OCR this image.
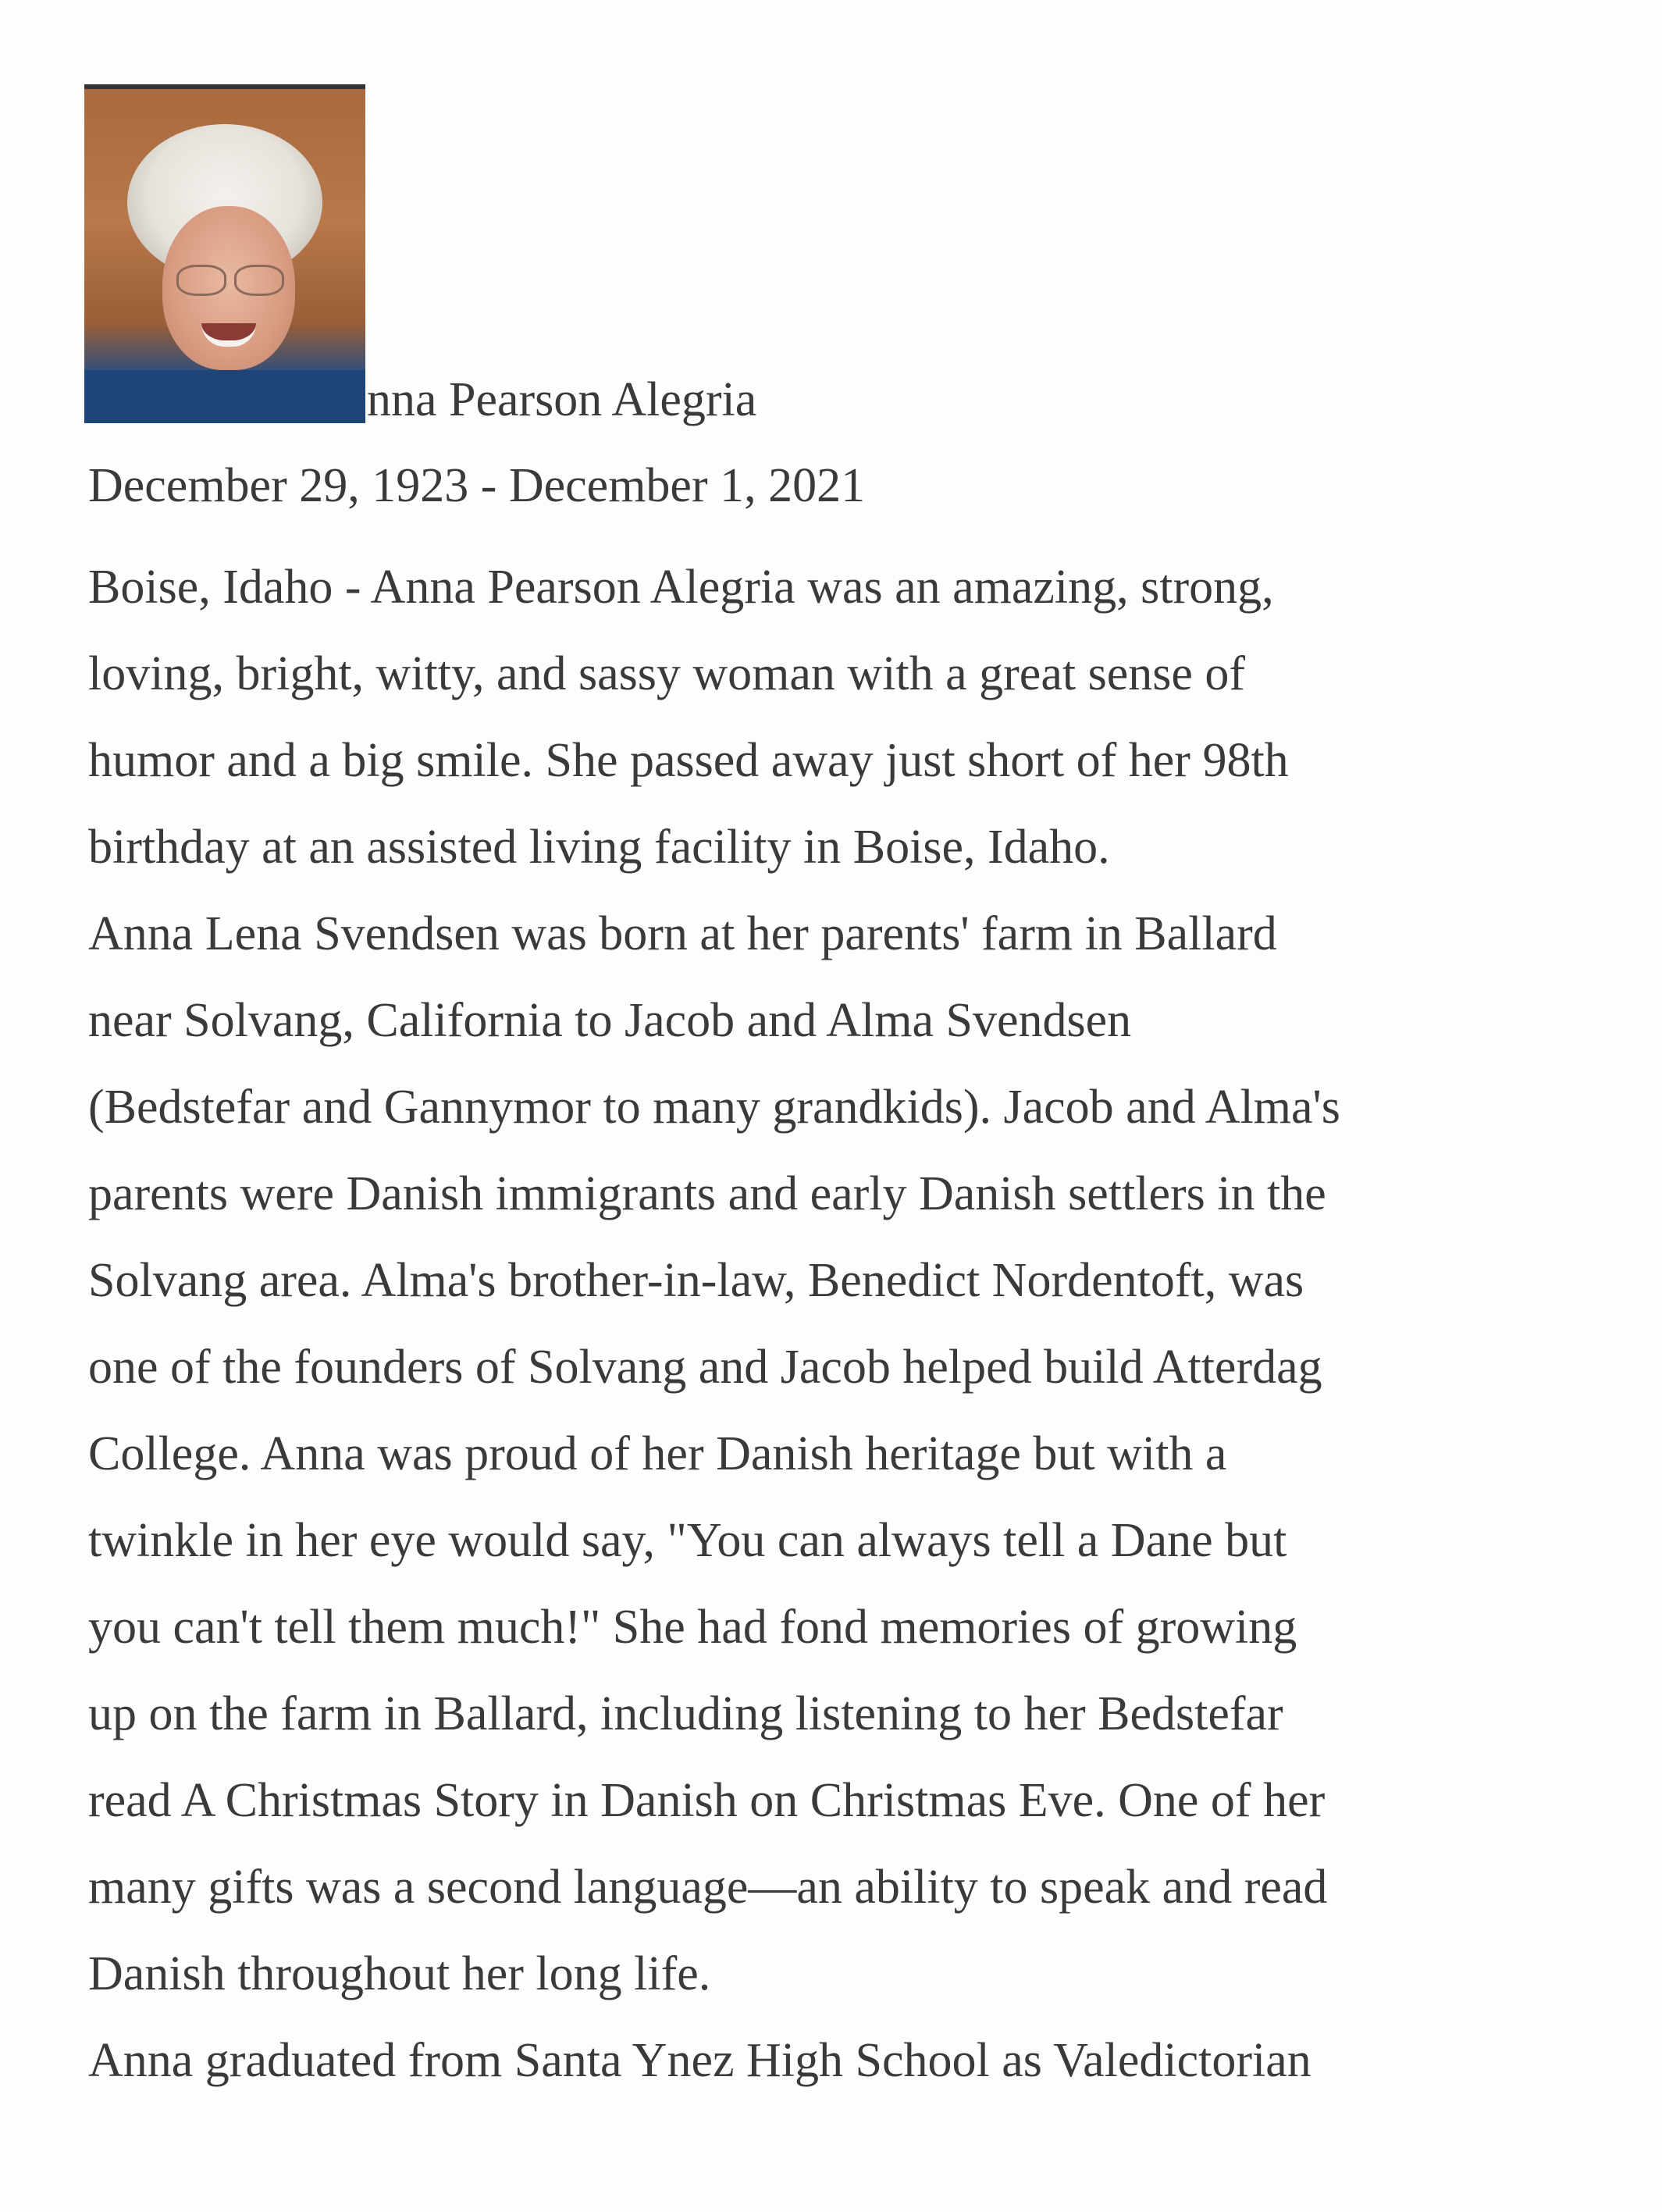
nna Pearson Alegria
December 29, 1923 - December 1, 2021
Boise, Idaho - Anna Pearson Alegria was an amazing, strong,
loving, bright, witty, and sassy woman with a great sense of
humor and a big smile. She passed away just short of her 98th
birthday at an assisted living facility in Boise, Idaho.
Anna Lena Svendsen was born at her parents' farm in Ballard
near Solvang, California to Jacob and Alma Svendsen
(Bedstefar and Gannymor to many grandkids). Jacob and Alma's
parents were Danish immigrants and early Danish settlers in the
Solvang area. Alma's brother-in-law, Benedict Nordentoft, was
one of the founders of Solvang and Jacob helped build Atterdag
College. Anna was proud of her Danish heritage but with a
twinkle in her eye would say, "You can always tell a Dane but
you can't tell them much!" She had fond memories of growing
up on the farm in Ballard, including listening to her Bedstefar
read A Christmas Story in Danish on Christmas Eve. One of her
many gifts was a second language—an ability to speak and read
Danish throughout her long life.
Anna graduated from Santa Ynez High School as Valedictorian
